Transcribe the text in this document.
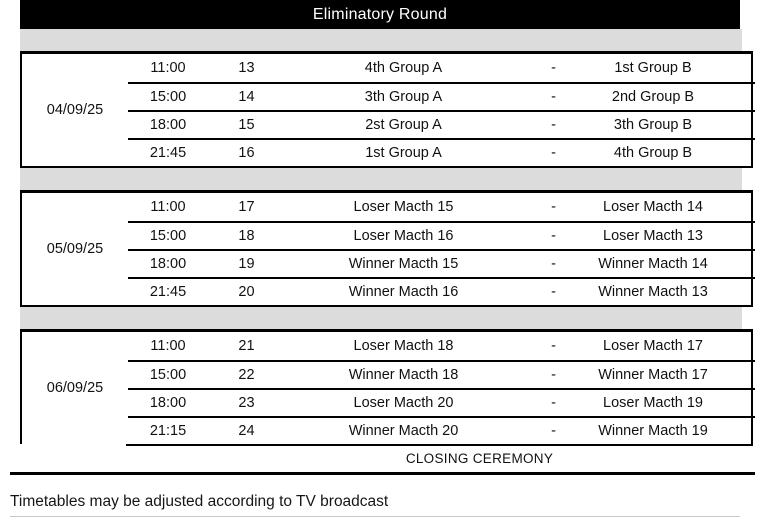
Eliminatory Round
04/09/25
11:00	13	4th Group A	-	1st Group B
15:00	14	3th Group A	-	2nd Group B
18:00	15	2st Group A	-	3th Group B
21:45	16	1st Group A	-	4th Group B
05/09/25
11:00	17	Loser Macth 15	-	Loser Macth 14
15:00	18	Loser Macth 16	-	Loser Macth 13
18:00	19	Winner Macth 15	-	Winner Macth 14
21:45	20	Winner Macth 16	-	Winner Macth 13
06/09/25
11:00	21	Loser Macth 18	-	Loser Macth 17
15:00	22	Winner Macth 18	-	Winner Macth 17
18:00	23	Loser Macth 20	-	Loser Macth 19
21:15	24	Winner Macth 20	-	Winner Macth 19
CLOSING CEREMONY
Timetables may be adjusted according to TV broadcast
